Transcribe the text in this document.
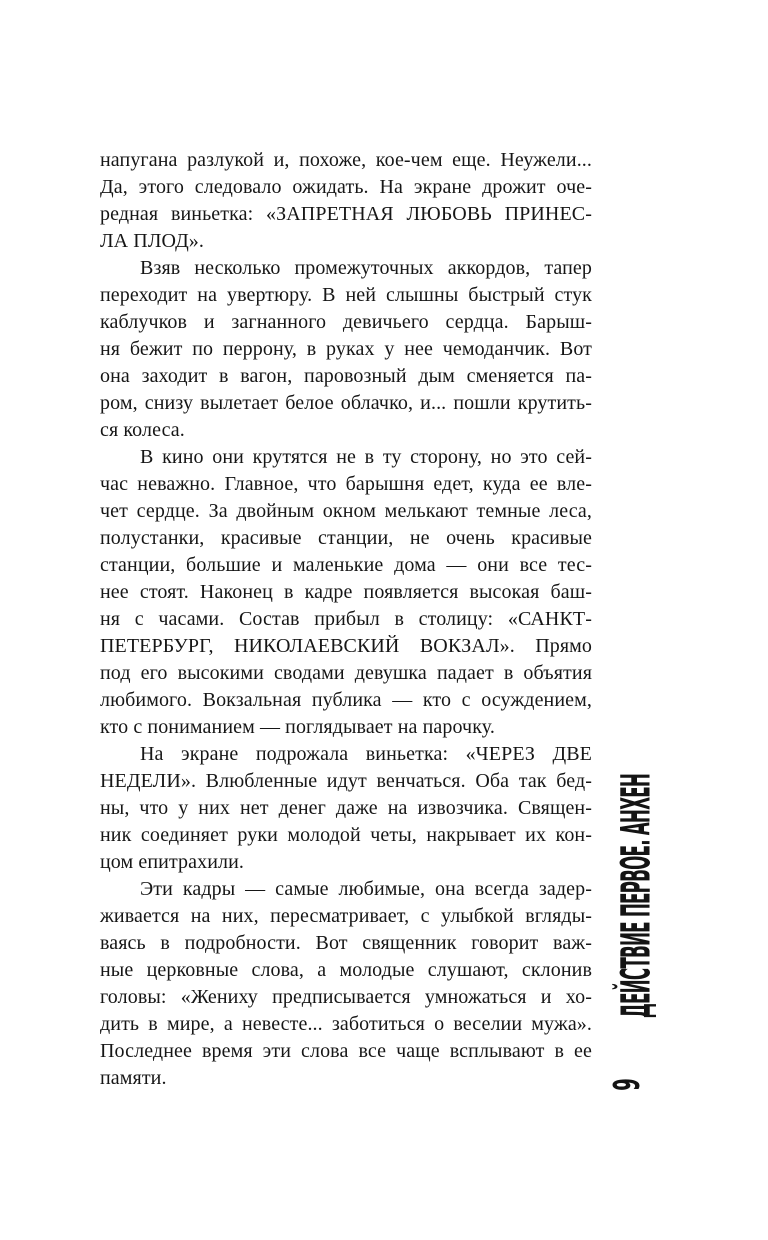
напугана разлукой и, похоже, кое-чем еще. Неужели...
Да, этого следовало ожидать. На экране дрожит оче-
редная виньетка: «ЗАПРЕТНАЯ ЛЮБОВЬ ПРИНЕС-
ЛА ПЛОД».
Взяв несколько промежуточных аккордов, тапер
переходит на увертюру. В ней слышны быстрый стук
каблучков и загнанного девичьего сердца. Барыш-
ня бежит по перрону, в руках у нее чемоданчик. Вот
она заходит в вагон, паровозный дым сменяется па-
ром, снизу вылетает белое облачко, и... пошли крутить-
ся колеса.
В кино они крутятся не в ту сторону, но это сей-
час неважно. Главное, что барышня едет, куда ее вле-
чет сердце. За двойным окном мелькают темные леса,
полустанки, красивые станции, не очень красивые
станции, большие и маленькие дома — они все тес-
нее стоят. Наконец в кадре появляется высокая баш-
ня с часами. Состав прибыл в столицу: «САНКТ-
ПЕТЕРБУРГ, НИКОЛАЕВСКИЙ ВОКЗАЛ». Прямо
под его высокими сводами девушка падает в объятия
любимого. Вокзальная публика — кто с осуждением,
кто с пониманием — поглядывает на парочку.
На экране подрожала виньетка: «ЧЕРЕЗ ДВЕ
НЕДЕЛИ». Влюбленные идут венчаться. Оба так бед-
ны, что у них нет денег даже на извозчика. Священ-
ник соединяет руки молодой четы, накрывает их кон-
цом епитрахили.
Эти кадры — самые любимые, она всегда задер-
живается на них, пересматривает, с улыбкой вгляды-
ваясь в подробности. Вот священник говорит важ-
ные церковные слова, а молодые слушают, склонив
головы: «Жениху предписывается умножаться и хо-
дить в мире, а невесте... заботиться о веселии мужа».
Последнее время эти слова все чаще всплывают в ее
памяти.
ДЕЙСТВИЕ ПЕРВОЕ. АНХЕН
9
